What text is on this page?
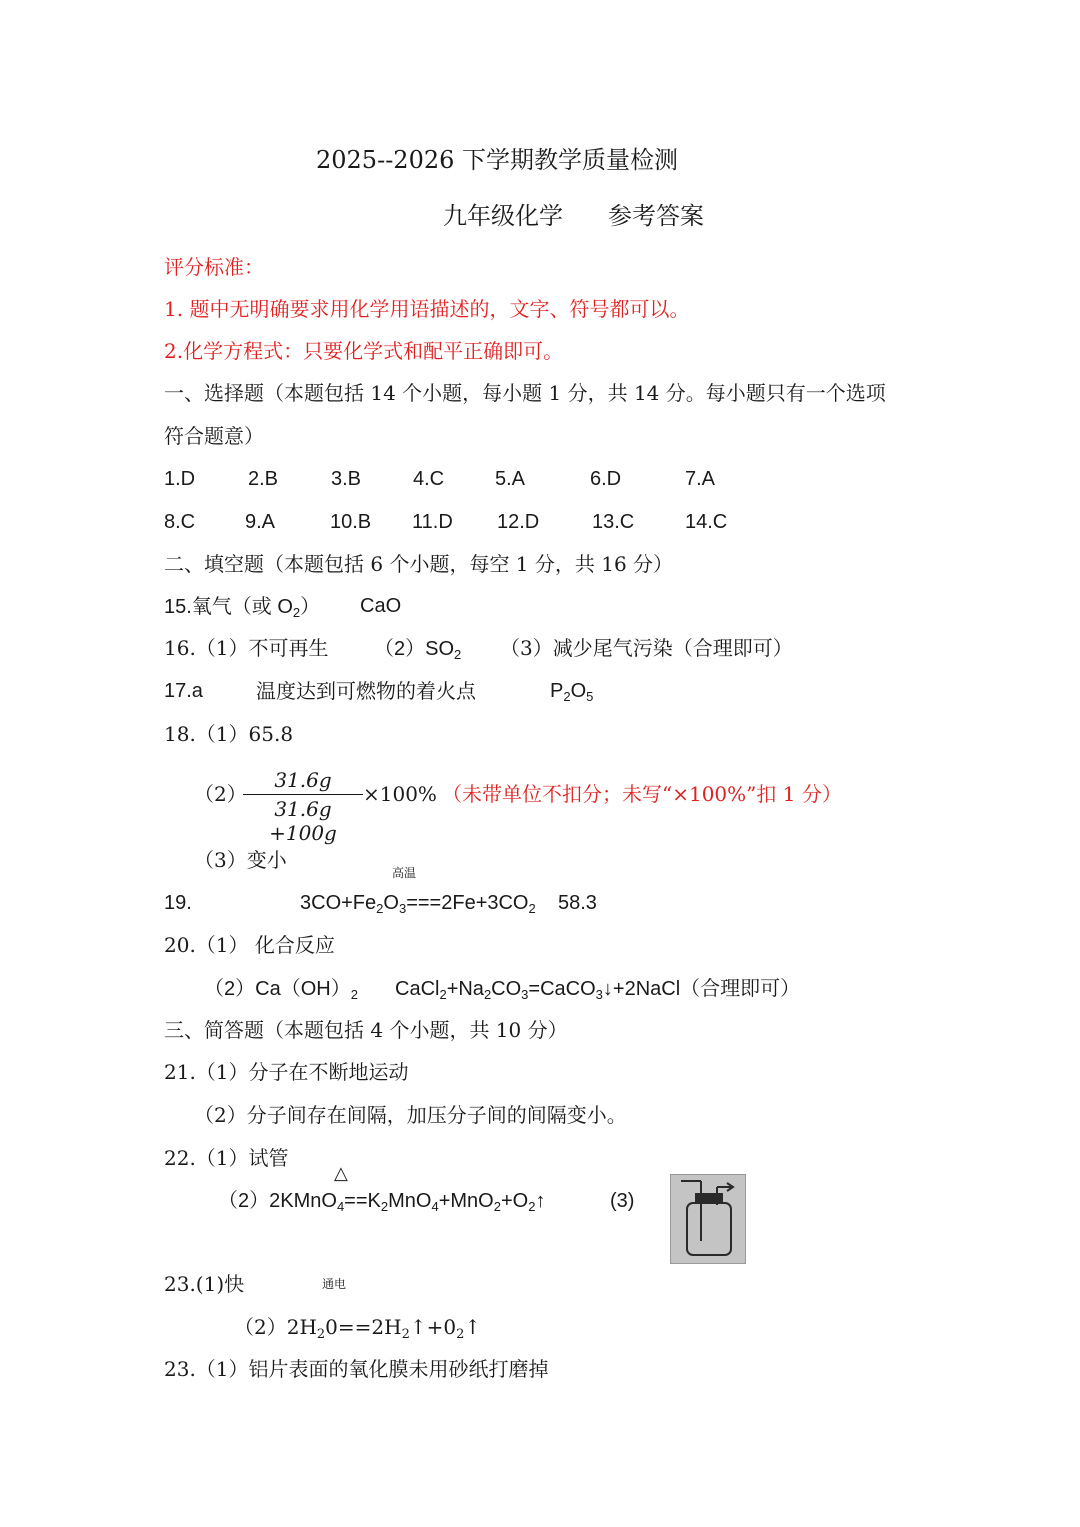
2025--2026 下学期教学质量检测
九年级化学 参考答案
评分标准：
1. 题中无明确要求用化学用语描述的，文字、符号都可以。
2.化学方程式：只要化学式和配平正确即可。
一、选择题（本题包括 14 个小题，每小题 1 分，共 14 分。每小题只有一个选项
符合题意）
1.D	2.B	3.B	4.C	5.A	6.D	7.A
8.C 9.A	10.B 11.D 12.D	13.C	14.C
二、填空题（本题包括 6 个小题，每空 1 分，共 16 分）
15.氧气（或 $O_2$） CaO
16.（1）不可再生 $(2)SO_2$ （3）减少尾气污染（合理即可）
17.a	温度达到可燃物的着火点	$P_2O_5$
18.（1）65.8
（2）
31.6g
31.6g +100g
×100% （未带单位不扣分；未写“×100%”扣 1 分）
（3）变小
高温
19.	$3CO+Fe_2O_3===2Fe+3CO_2$ 58.3
20.（1） 化合反应
$(2)Ca(OH)_2$ $CaCl_2+Na_2CO_3=CaCO_3↓+2NaCl$（合理即可）
三、简答题（本题包括 4 个小题，共 10 分）
21.（1）分子在不断地运动
（2）分子间存在间隔，加压分子间的间隔变小。
22.（1）试管
△
$(2)2KMnO_4==K_2MnO_4+MnO_2+O_2↑$	(3)
通电
23.(1)快
$(2)2H_20==2H_2↑+0_2↑$
23.（1）铝片表面的氧化膜未用砂纸打磨掉
